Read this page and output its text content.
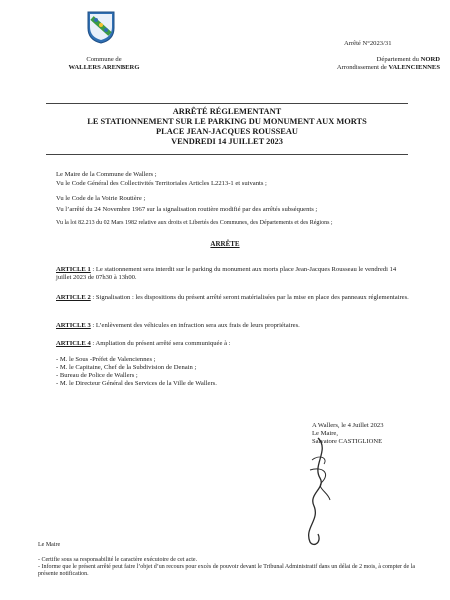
Commune de
WALLERS ARENBERG
Arrêté N°2023/31
Département du NORD
Arrondissement de VALENCIENNES
ARRÊTÉ RÉGLEMENTANT
LE STATIONNEMENT SUR LE PARKING DU MONUMENT AUX MORTS
PLACE JEAN-JACQUES ROUSSEAU
VENDREDI 14 JUILLET 2023
Le Maire de la Commune de Wallers ;
Vu le Code Général des Collectivités Territoriales Articles L2213-1 et suivants ;
Vu le Code de la Voirie Routière ;
Vu l’arrêté du 24 Novembre 1967 sur la signalisation routière modifié par des arrêtés subséquents ;
Vu la loi 82.213 du 02 Mars 1982 relative aux droits et Libertés des Communes, des Départements et des Régions ;
ARRÊTE
ARTICLE 1 : Le stationnement sera interdit sur le parking du monument aux morts place Jean-Jacques Rousseau le vendredi 14 juillet 2023 de 07h30 à 13h00.
ARTICLE 2 : Signalisation : les dispositions du présent arrêté seront matérialisées par la mise en place des panneaux réglementaires.
ARTICLE 3 : L’enlèvement des véhicules en infraction sera aux frais de leurs propriétaires.
ARTICLE 4 : Ampliation du présent arrêté sera communiquée à :
- M. le Sous -Préfet de Valenciennes ;
- M. le Capitaine, Chef de la Subdivision de Denain ;
- Bureau de Police de Wallers ;
- M. le Directeur Général des Services de la Ville de Wallers.
A Wallers, le 4 Juillet 2023
Le Maire,
Salvatore CASTIGLIONE
Le Maire
- Certifie sous sa responsabilité le caractère exécutoire de cet acte.
- Informe que le présent arrêté peut faire l’objet d’un recours pour excès de pouvoir devant le Tribunal Administratif dans un délai de 2 mois, à compter de la présente notification.
